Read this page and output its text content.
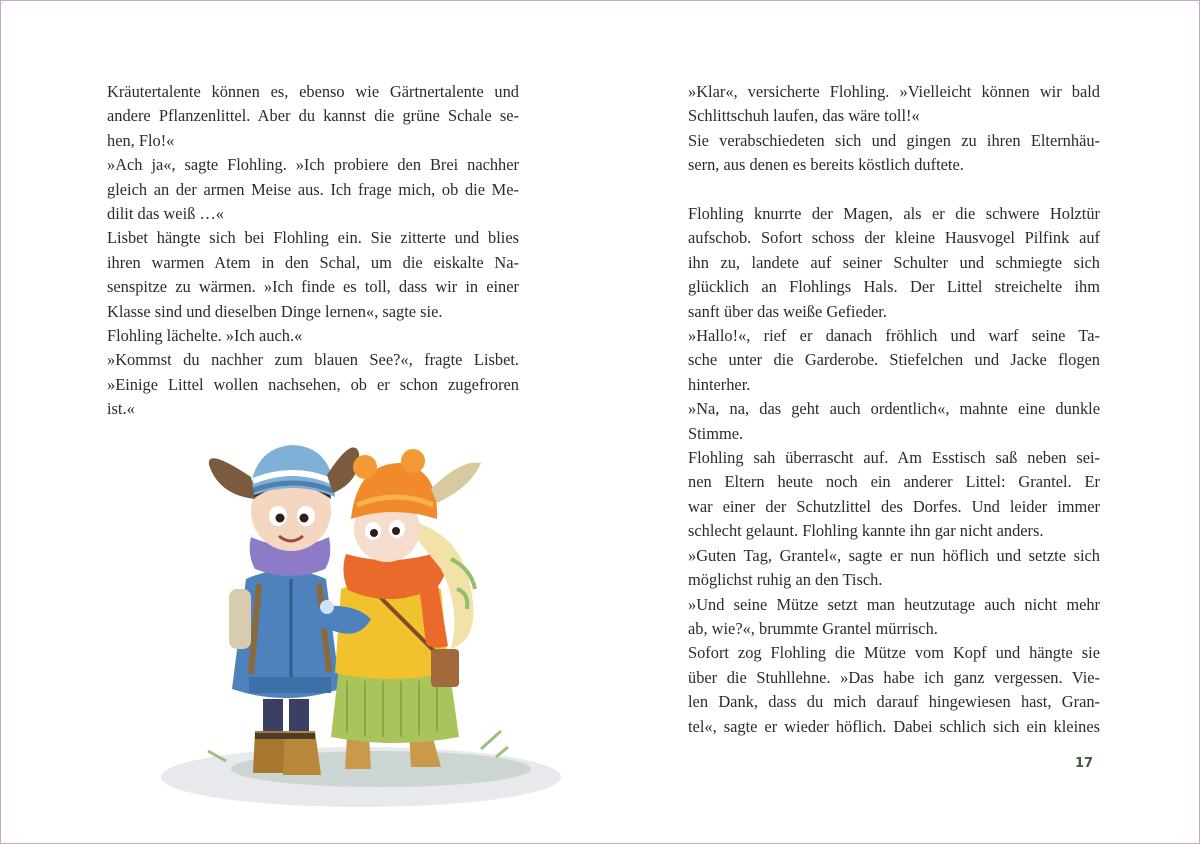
Kräutertalente können es, ebenso wie Gärtnertalente und
andere Pflanzenlittel. Aber du kannst die grüne Schale se-
hen, Flo!«
»Ach ja«, sagte Flohling. »Ich probiere den Brei nachher
gleich an der armen Meise aus. Ich frage mich, ob die Me-
dilit das weiß …«
Lisbet hängte sich bei Flohling ein. Sie zitterte und blies
ihren warmen Atem in den Schal, um die eiskalte Na-
senspitze zu wärmen. »Ich finde es toll, dass wir in einer
Klasse sind und dieselben Dinge lernen«, sagte sie.
Flohling lächelte. »Ich auch.«
»Kommst du nachher zum blauen See?«, fragte Lisbet.
»Einige Littel wollen nachsehen, ob er schon zugefroren
ist.«
»Klar«, versicherte Flohling. »Vielleicht können wir bald
Schlittschuh laufen, das wäre toll!«
Sie verabschiedeten sich und gingen zu ihren Elternhäu-
sern, aus denen es bereits köstlich duftete.
Flohling knurrte der Magen, als er die schwere Holztür
aufschob. Sofort schoss der kleine Hausvogel Pilfink auf
ihn zu, landete auf seiner Schulter und schmiegte sich
glücklich an Flohlings Hals. Der Littel streichelte ihm
sanft über das weiße Gefieder.
»Hallo!«, rief er danach fröhlich und warf seine Ta-
sche unter die Garderobe. Stiefelchen und Jacke flogen
hinterher.
»Na, na, das geht auch ordentlich«, mahnte eine dunkle
Stimme.
Flohling sah überrascht auf. Am Esstisch saß neben sei-
nen Eltern heute noch ein anderer Littel: Grantel. Er
war einer der Schutzlittel des Dorfes. Und leider immer
schlecht gelaunt. Flohling kannte ihn gar nicht anders.
»Guten Tag, Grantel«, sagte er nun höflich und setzte sich
möglichst ruhig an den Tisch.
»Und seine Mütze setzt man heutzutage auch nicht mehr
ab, wie?«, brummte Grantel mürrisch.
Sofort zog Flohling die Mütze vom Kopf und hängte sie
über die Stuhllehne. »Das habe ich ganz vergessen. Vie-
len Dank, dass du mich darauf hingewiesen hast, Gran-
tel«, sagte er wieder höflich. Dabei schlich sich ein kleines
17
